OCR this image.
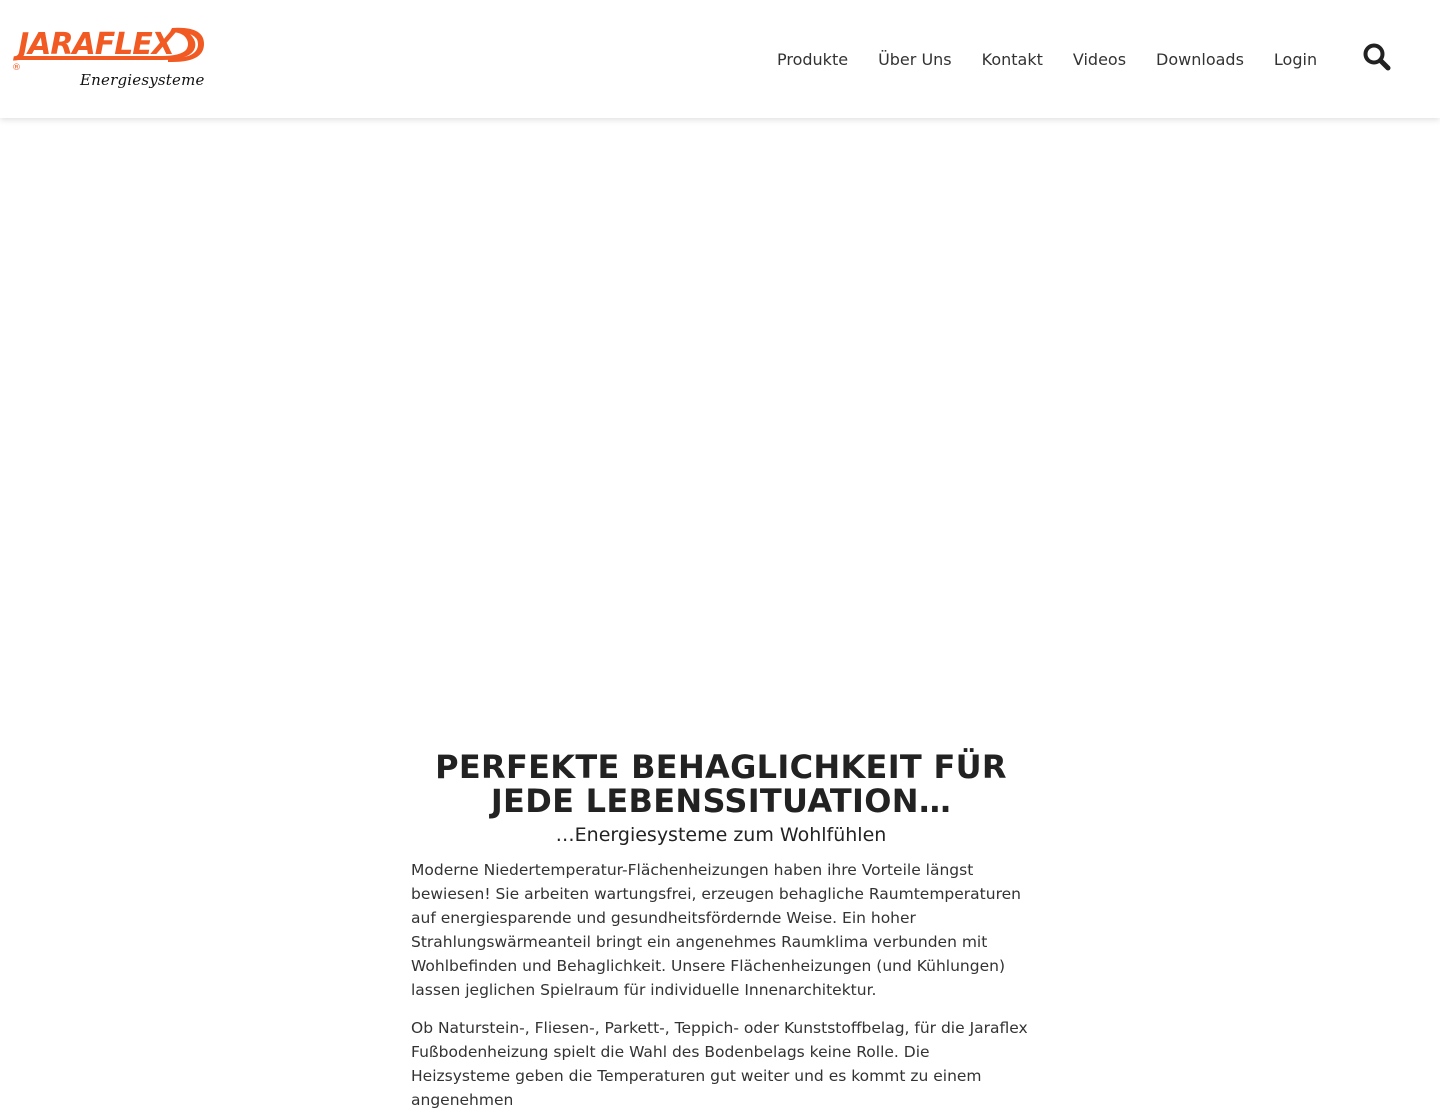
JARAFLEX
®
Energiesysteme
Produkte Über Uns Kontakt Videos Downloads Login
PERFEKTE BEHAGLICHKEIT FÜR JEDE LEBENSSITUATION…

…Energiesysteme zum Wohlfühlen

Moderne Niedertemperatur-Flächenheizungen haben ihre Vorteile längst bewiesen! Sie arbeiten wartungsfrei, erzeugen behagliche Raumtemperaturen auf energiesparende und gesundheitsfördernde Weise. Ein hoher Strahlungswärmeanteil bringt ein angenehmes Raumklima verbunden mit Wohlbefinden und Behaglichkeit. Unsere Flächenheizungen (und Kühlungen) lassen jeglichen Spielraum für individuelle Innenarchitektur.

Ob Naturstein-, Fliesen-, Parkett-, Teppich- oder Kunststoffbelag, für die Jaraflex Fußbodenheizung spielt die Wahl des Bodenbelags keine Rolle. Die Heizsysteme geben die Temperaturen gut weiter und es kommt zu einem angenehmen
